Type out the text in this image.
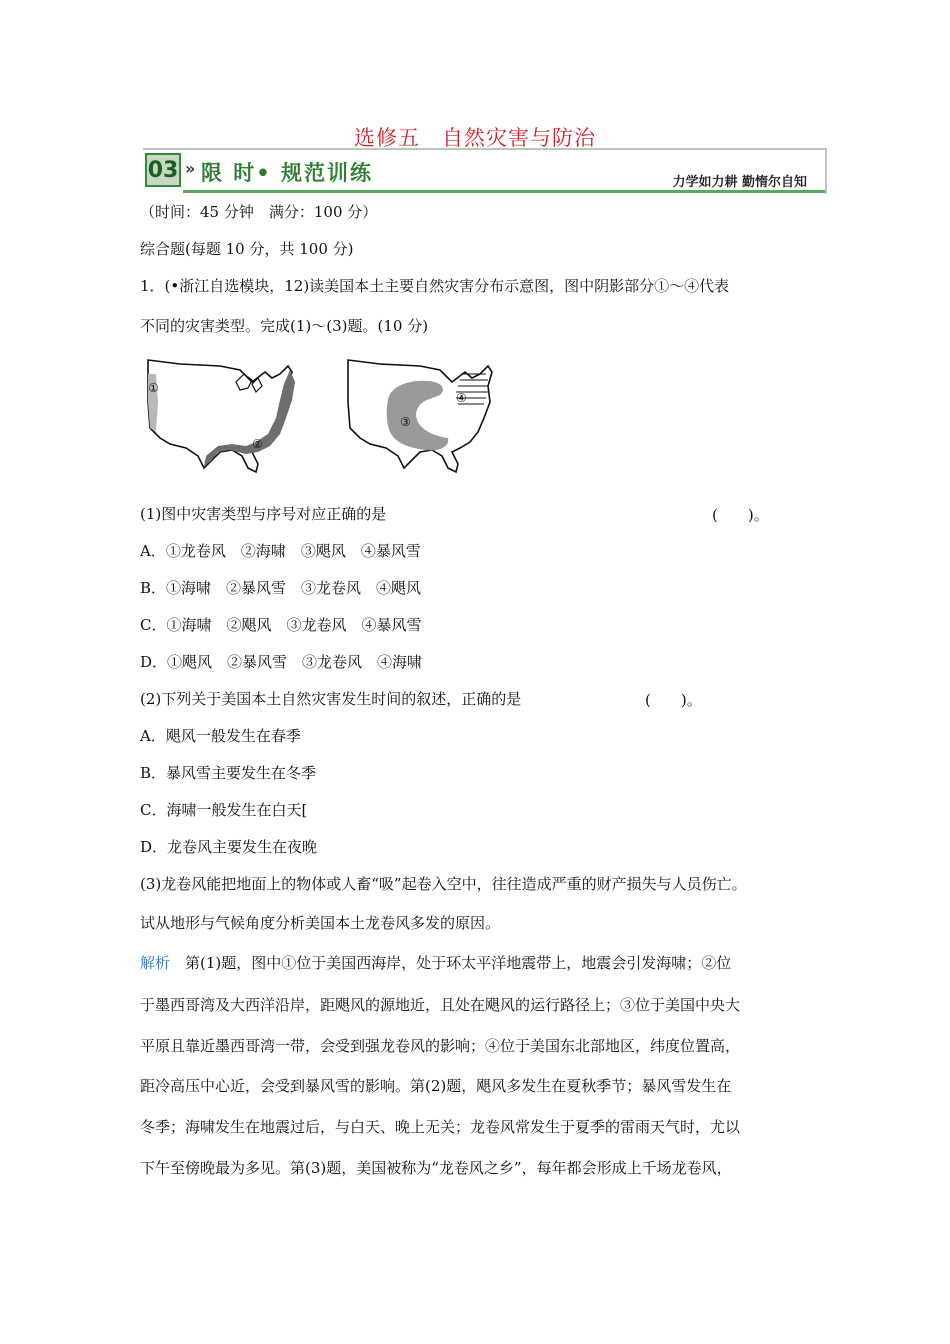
选修五　自然灾害与防治
03 » 限 时• 规范训练	力学如力耕 勤惰尔自知
（时间：45 分钟　满分：100 分）
综合题(每题 10 分，共 100 分)
1．(•浙江自选模块，12)读美国本土主要自然灾害分布示意图，图中阴影部分①～④代表
不同的灾害类型。完成(1)～(3)题。(10 分)
①
②
③
④
(1)图中灾害类型与序号对应正确的是	(　　)。
A．①龙卷风　②海啸　③飓风　④暴风雪
B．①海啸　②暴风雪　③龙卷风　④飓风
C．①海啸　②飓风　③龙卷风　④暴风雪
D．①飓风　②暴风雪　③龙卷风　④海啸
(2)下列关于美国本土自然灾害发生时间的叙述，正确的是	(　　)。
A．飓风一般发生在春季
B．暴风雪主要发生在冬季
C．海啸一般发生在白天[
D．龙卷风主要发生在夜晚
(3)龙卷风能把地面上的物体或人畜“吸”起卷入空中，往往造成严重的财产损失与人员伤亡。
试从地形与气候角度分析美国本土龙卷风多发的原因。
解析　第(1)题，图中①位于美国西海岸，处于环太平洋地震带上，地震会引发海啸；②位
于墨西哥湾及大西洋沿岸，距飓风的源地近，且处在飓风的运行路径上；③位于美国中央大
平原且靠近墨西哥湾一带，会受到强龙卷风的影响；④位于美国东北部地区，纬度位置高，
距冷高压中心近，会受到暴风雪的影响。第(2)题，飓风多发生在夏秋季节；暴风雪发生在
冬季；海啸发生在地震过后，与白天、晚上无关；龙卷风常发生于夏季的雷雨天气时，尤以
下午至傍晚最为多见。第(3)题，美国被称为“龙卷风之乡”，每年都会形成上千场龙卷风，
